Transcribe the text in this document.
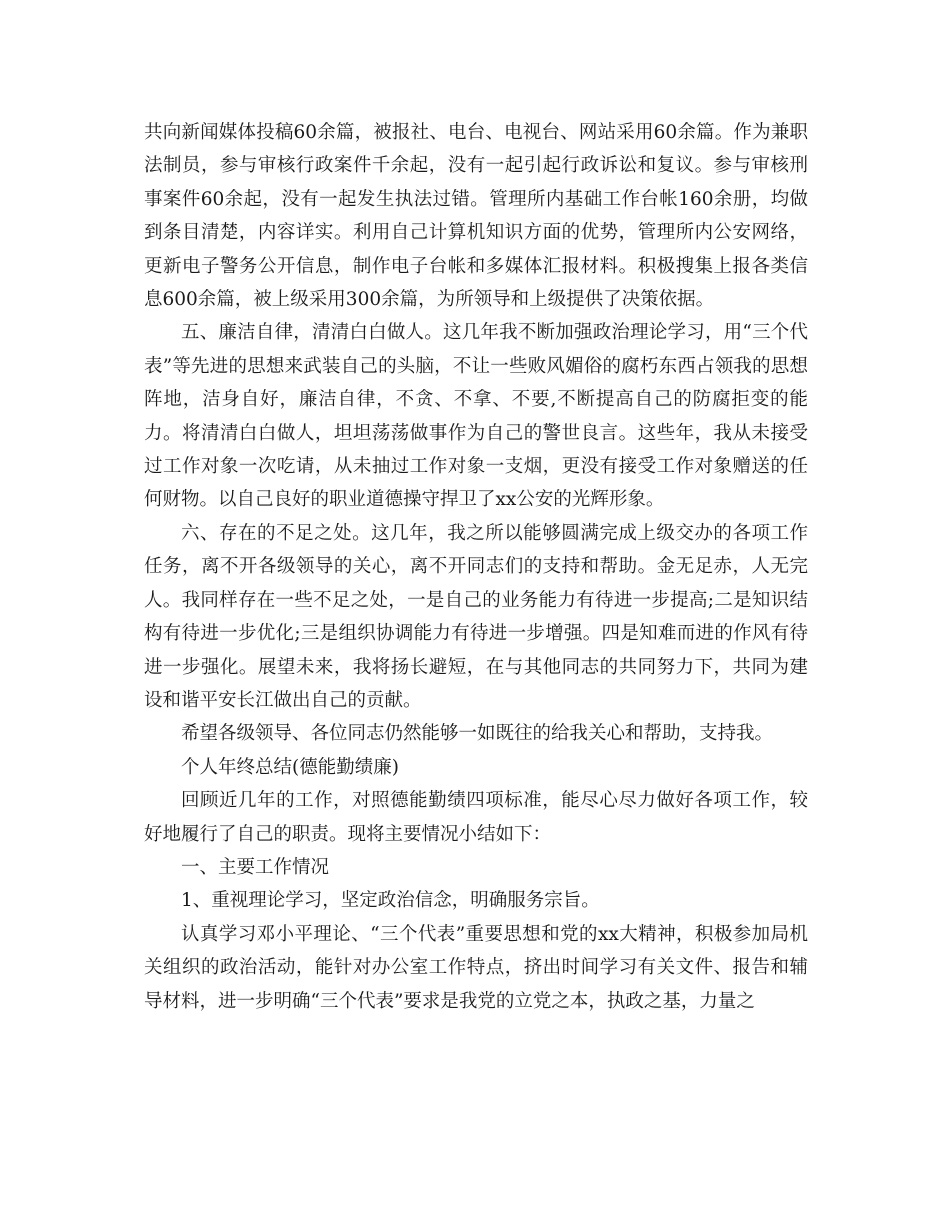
共向新闻媒体投稿60余篇，被报社、电台、电视台、网站采用60余篇。作为兼职法制员，参与审核行政案件千余起，没有一起引起行政诉讼和复议。参与审核刑事案件60余起，没有一起发生执法过错。管理所内基础工作台帐160余册，均做到条目清楚，内容详实。利用自己计算机知识方面的优势，管理所内公安网络，更新电子警务公开信息，制作电子台帐和多媒体汇报材料。积极搜集上报各类信息600余篇，被上级采用300余篇，为所领导和上级提供了决策依据。

五、廉洁自律，清清白白做人。这几年我不断加强政治理论学习，用“三个代表”等先进的思想来武装自己的头脑，不让一些败风媚俗的腐朽东西占领我的思想阵地，洁身自好，廉洁自律，不贪、不拿、不要,不断提高自己的防腐拒变的能力。将清清白白做人，坦坦荡荡做事作为自己的警世良言。这些年，我从未接受过工作对象一次吃请，从未抽过工作对象一支烟，更没有接受工作对象赠送的任何财物。以自己良好的职业道德操守捍卫了xx公安的光辉形象。

六、存在的不足之处。这几年，我之所以能够圆满完成上级交办的各项工作任务，离不开各级领导的关心，离不开同志们的支持和帮助。金无足赤，人无完人。我同样存在一些不足之处，一是自己的业务能力有待进一步提高;二是知识结构有待进一步优化;三是组织协调能力有待进一步增强。四是知难而进的作风有待进一步强化。展望未来，我将扬长避短，在与其他同志的共同努力下，共同为建设和谐平安长江做出自己的贡献。

希望各级领导、各位同志仍然能够一如既往的给我关心和帮助，支持我。

个人年终总结(德能勤绩廉)

回顾近几年的工作，对照德能勤绩四项标准，能尽心尽力做好各项工作，较好地履行了自己的职责。现将主要情况小结如下：

一、主要工作情况

1、重视理论学习，坚定政治信念，明确服务宗旨。

认真学习邓小平理论、“三个代表”重要思想和党的xx大精神，积极参加局机关组织的政治活动，能针对办公室工作特点，挤出时间学习有关文件、报告和辅导材料，进一步明确“三个代表”要求是我党的立党之本，执政之基，力量之
